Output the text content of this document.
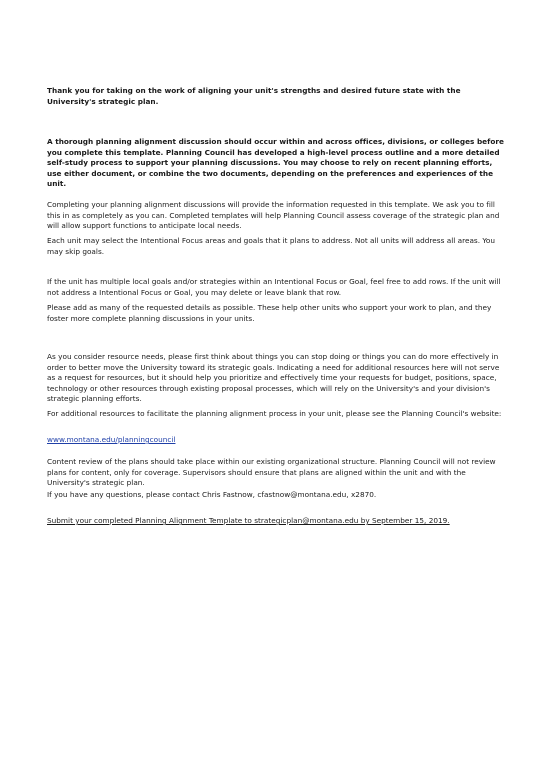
Thank you for taking on the work of aligning your unit's strengths and desired future state with the University's strategic plan.

A thorough planning alignment discussion should occur within and across offices, divisions, or colleges before you complete this template. Planning Council has developed a high-level process outline and a more detailed self-study process to support your planning discussions. You may choose to rely on recent planning efforts, use either document, or combine the two documents, depending on the preferences and experiences of the unit.

Completing your planning alignment discussions will provide the information requested in this template. We ask you to fill this in as completely as you can. Completed templates will help Planning Council assess coverage of the strategic plan and will allow support functions to anticipate local needs.

Each unit may select the Intentional Focus areas and goals that it plans to address. Not all units will address all areas. You may skip goals.

If the unit has multiple local goals and/or strategies within an Intentional Focus or Goal, feel free to add rows. If the unit will not address a Intentional Focus or Goal, you may delete or leave blank that row.

Please add as many of the requested details as possible. These help other units who support your work to plan, and they foster more complete planning discussions in your units.

As you consider resource needs, please first think about things you can stop doing or things you can do more effectively in order to better move the University toward its strategic goals. Indicating a need for additional resources here will not serve as a request for resources, but it should help you prioritize and effectively time your requests for budget, positions, space, technology or other resources through existing proposal processes, which will rely on the University's and your division's strategic planning efforts.

For additional resources to facilitate the planning alignment process in your unit, please see the Planning Council's website:

www.montana.edu/planningcouncil

Content review of the plans should take place within our existing organizational structure. Planning Council will not review plans for content, only for coverage. Supervisors should ensure that plans are aligned within the unit and with the University's strategic plan.

If you have any questions, please contact Chris Fastnow, cfastnow@montana.edu, x2870.

Submit your completed Planning Alignment Template to strategicplan@montana.edu by September 15, 2019.
